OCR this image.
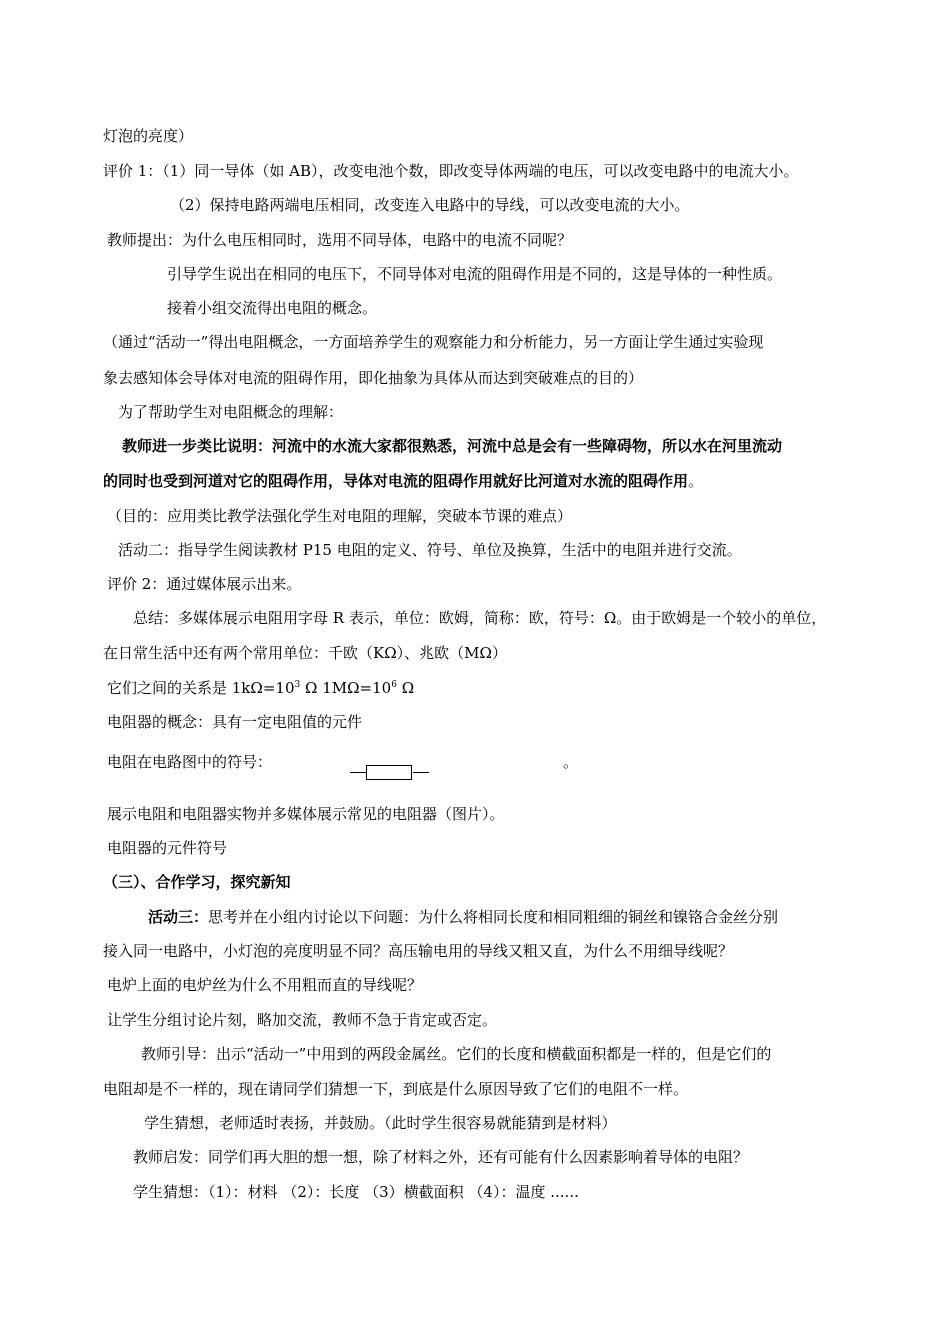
灯泡的亮度）
评价 1：（1）同一导体（如 AB），改变电池个数，即改变导体两端的电压，可以改变电路中的电流大小。
（2）保持电路两端电压相同，改变连入电路中的导线，可以改变电流的大小。
教师提出：为什么电压相同时，选用不同导体，电路中的电流不同呢？
引导学生说出在相同的电压下，不同导体对电流的阻碍作用是不同的，这是导体的一种性质。
接着小组交流得出电阻的概念。
（通过“活动一”得出电阻概念，一方面培养学生的观察能力和分析能力，另一方面让学生通过实验现
象去感知体会导体对电流的阻碍作用，即化抽象为具体从而达到突破难点的目的）
为了帮助学生对电阻概念的理解：
教师进一步类比说明：河流中的水流大家都很熟悉，河流中总是会有一些障碍物，所以水在河里流动
的同时也受到河道对它的阻碍作用，导体对电流的阻碍作用就好比河道对水流的阻碍作用。
（目的：应用类比教学法强化学生对电阻的理解，突破本节课的难点）
活动二：指导学生阅读教材 P15 电阻的定义、符号、单位及换算，生活中的电阻并进行交流。
评价 2：通过媒体展示出来。
总结：多媒体展示电阻用字母 R 表示，单位：欧姆，简称：欧，符号：Ω。由于欧姆是一个较小的单位，
在日常生活中还有两个常用单位：千欧（KΩ）、兆欧（MΩ）
它们之间的关系是 $1k\Omega=10^3$ Ω $1M\Omega=10^6$ Ω
电阻器的概念：具有一定电阻值的元件
电阻在电路图中的符号：	。
展示电阻和电阻器实物并多媒体展示常见的电阻器（图片）。
电阻器的元件符号
（三）、合作学习，探究新知
活动三：思考并在小组内讨论以下问题：为什么将相同长度和相同粗细的铜丝和镍铬合金丝分别
接入同一电路中，小灯泡的亮度明显不同？高压输电用的导线又粗又直，为什么不用细导线呢？
电炉上面的电炉丝为什么不用粗而直的导线呢？
让学生分组讨论片刻，略加交流，教师不急于肯定或否定。
教师引导：出示“活动一”中用到的两段金属丝。它们的长度和横截面积都是一样的，但是它们的
电阻却是不一样的，现在请同学们猜想一下，到底是什么原因导致了它们的电阻不一样。
学生猜想，老师适时表扬，并鼓励。（此时学生很容易就能猜到是材料）
教师启发：同学们再大胆的想一想，除了材料之外，还有可能有什么因素影响着导体的电阻？
学生猜想：（1）：材料 （2）：长度 （3）横截面积 （4）：温度 ......
